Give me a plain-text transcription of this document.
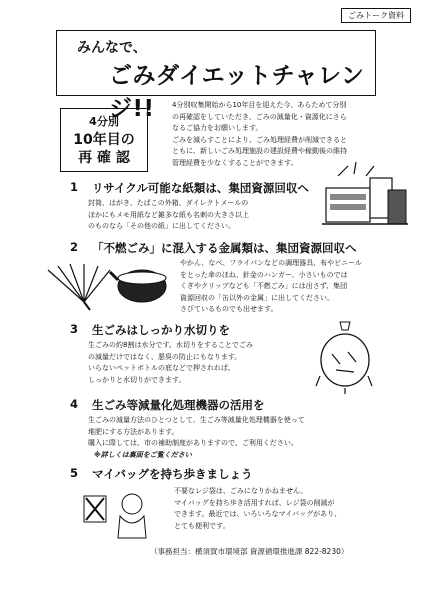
ごみトーク資料
みんなで、
ごみダイエットチャレンジ!!
4分別
10年目の
再 確 認
4分別収集開始から10年目を迎えた今、あらためて分別
の再確認をしていただき、ごみの減量化・資源化にさら
なるご協力をお願いします。
ごみを減らすことにより、ごみ処理経費が削減できると
ともに、新しいごみ処理施設の建設経費や稼動後の維持
管理経費を少なくすることができます。
1 リサイクル可能な紙類は、集団資源回収へ
封筒、はがき、たばこの外箱、ダイレクトメールの
ほかにもメモ用紙など雑多な紙も名刺の大きさ以上
のものなら「その他の紙」に出してください。
2 「不燃ごみ」に混入する金属類は、集団資源回収へ
やかん、なべ、フライパンなどの調理器具、布やビニール
をとった傘のほね、針金のハンガー、小さいものでは
くぎやクリップなども「不燃ごみ」には出さず、集団
資源回収の「缶以外の金属」に出してください。
さびているものでも出せます。
3 生ごみはしっかり水切りを
生ごみの約8割は水分です。水切りをすることでごみ
の減量だけではなく、悪臭の防止にもなります。
いらないペットボトルの底などで押されれば、
しっかりと水切りができます。
4 生ごみ等減量化処理機器の活用を
生ごみの減量方法のひとつとして、生ごみ等減量化処理機器を使って
堆肥にする方法があります。
購入に際しては、市の補助制度がありますので、ご利用ください。
※詳しくは裏面をご覧ください
5 マイバッグを持ち歩きましょう
不要なレジ袋は、ごみになりかねません。
マイバッグを持ち歩き活用すれば、レジ袋の削減が
できます。最近では、いろいろなマイバッグがあり、
とても便利です。
（事務担当：横須賀市環境部 資源循環推進課 822-8230）
